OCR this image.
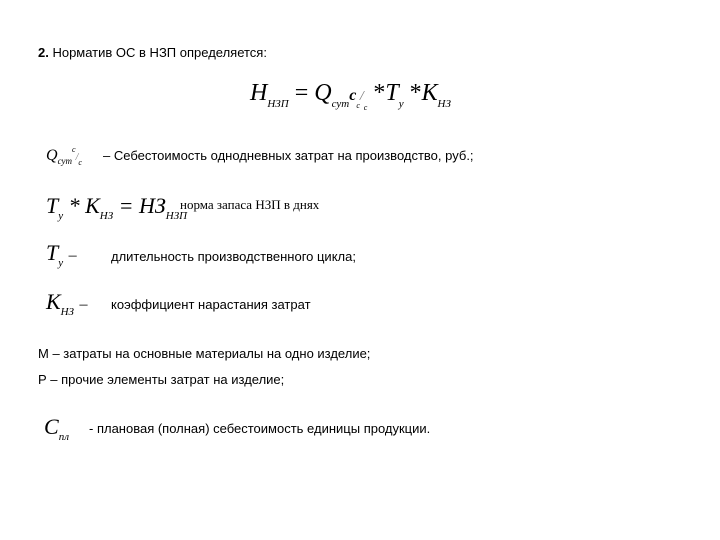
2. Норматив ОС в НЗП определяется:
$Н_{НЗП} = Q_{сут}с_с/_с$ $*Т_у$ $*К_{НЗ}$
$Q_{сут}^с/_с$ – Себестоимость однодневных затрат на производство, руб.;
$Т_у * К_{НЗ} = НЗ_{НЗП}$
норма запаса НЗП в днях
$Т_у$ –	длительность производственного цикла;
$К_{НЗ}$ – коэффициент нарастания затрат
М – затраты на основные материалы на одно изделие;
Р – прочие элементы затрат на изделие;
$С_{пл}$
- плановая (полная) себестоимость единицы продукции.
